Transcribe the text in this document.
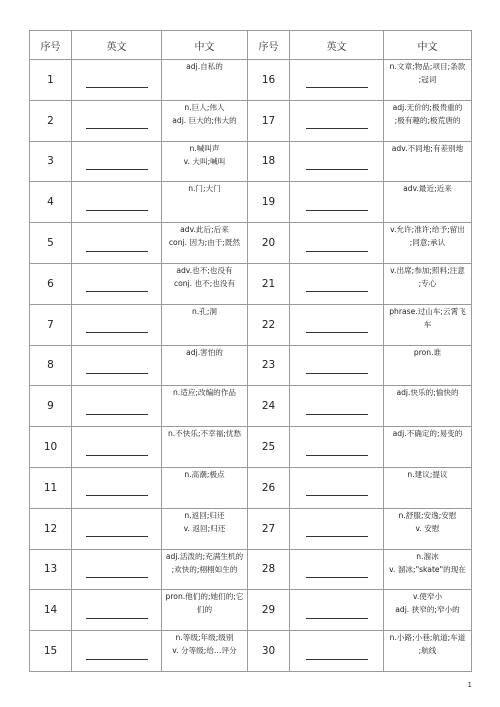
序号	英文	中文	序号	英文	中文
1		adj.自私的	16		n.文章;物品;项目;条款
;冠词

2		n.巨人;伟人
adj. 巨大的;伟大的	17		adj.无价的;极贵重的
;极有趣的;极荒唐的

3		n.喊叫声
v. 大叫;喊叫	18		adv.不同地;有差别地

4		n.门;大门	19		adv.最近;近来

5		adv.此后;后来
conj. 因为;由于;既然	20		v.允许;准许;给予;留出
;同意;承认

6		adv.也不;也没有
conj. 也不;也没有	21		v.出席;参加;照料;注意
;专心

7		n.孔;洞	22		phrase.过山车;云霄飞
车

8		adj.害怕的	23		pron.谁

9		n.适应;改编的作品	24		adj.快乐的;愉快的

10		n.不快乐;不幸福;忧愁	25		adj.不确定的;易变的

11		n.高潮;极点	26		n.建议;提议

12		n.返回;归还
v. 返回;归还	27		n.舒服;安逸;安慰
v. 安慰

13		adj.活泼的;充满生机的
;欢快的;栩栩如生的	28		n.溜冰
v. 溜冰;"skate"的现在

14		pron.他们的;她们的;它
们的	29		v.使窄小
adj. 狭窄的;窄小的

15		n.等级;年级;级别
v. 分等级;给…评分	30		n.小路;小巷;航道;车道
;航线
1
